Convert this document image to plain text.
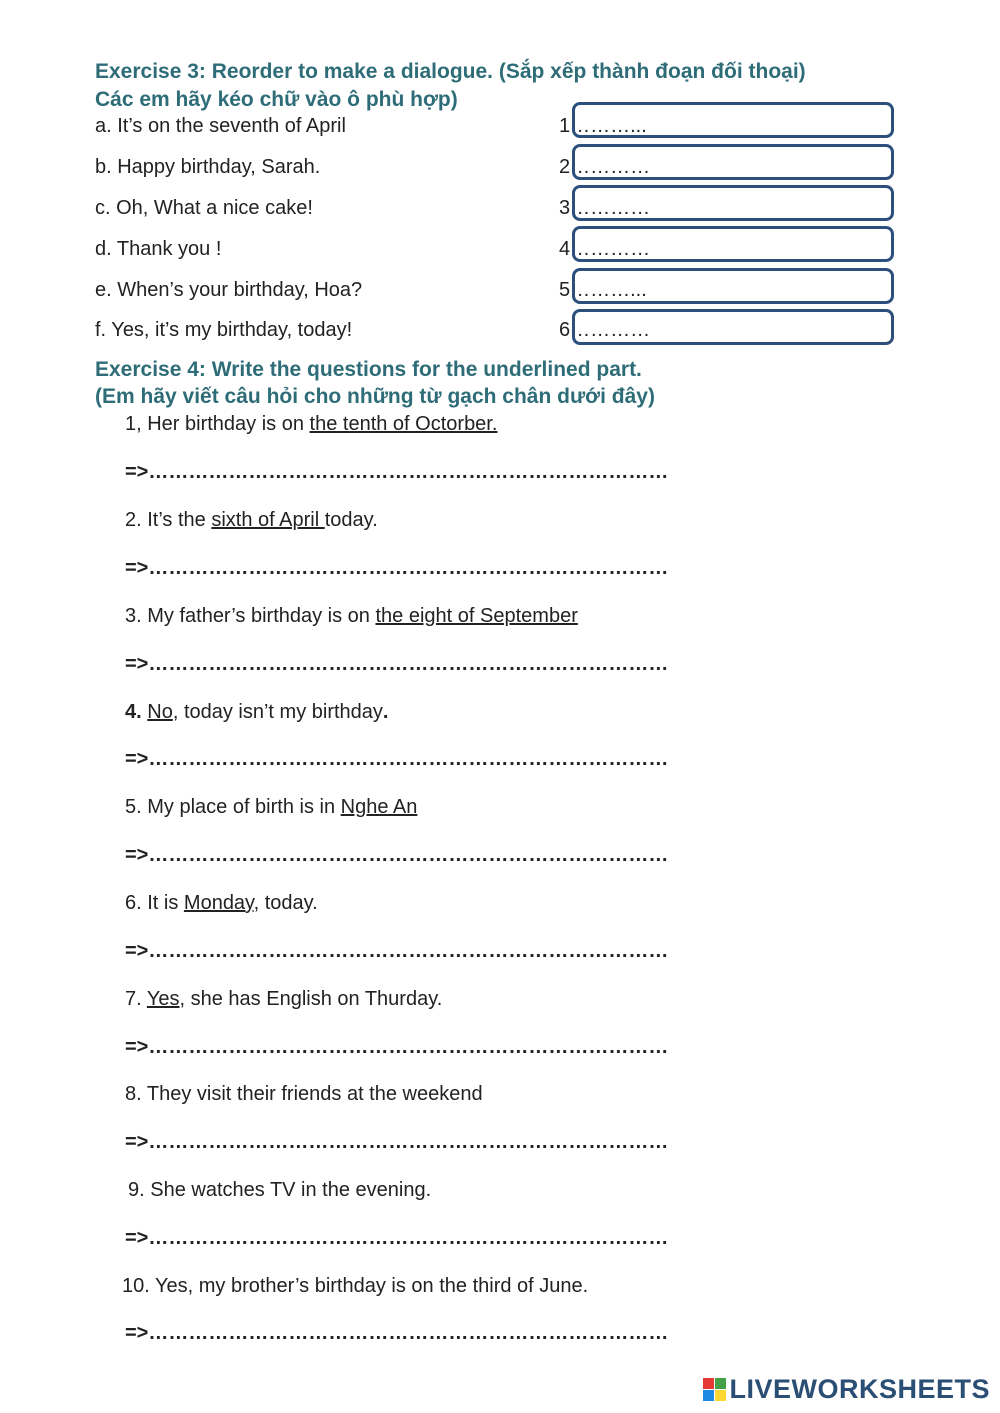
Exercise 3: Reorder to make a dialogue. (Sắp xếp thành đoạn đối thoại)
Các em hãy kéo chữ vào ô phù hợp)
a. It’s on the seventh of April
b. Happy birthday, Sarah.
c. Oh, What a nice cake!
d. Thank you !
e. When’s your birthday, Hoa?
f. Yes, it’s my birthday, today!
1………...
2…………
3…………
4…………
5………...
6…………
Exercise 4: Write the questions for the underlined part.
(Em hãy viết câu hỏi cho những từ gạch chân dưới đây)
1, Her birthday is on the tenth of Octorber.
=>……………………………………………………………………
2. It’s the sixth of April today.
=>……………………………………………………………………
3. My father’s birthday is on the eight of September
=>……………………………………………………………………
4. No, today isn’t my birthday.
=>……………………………………………………………………
5. My place of birth is in Nghe An
=>……………………………………………………………………
6. It is Monday, today.
=>……………………………………………………………………
7. Yes, she has English on Thurday.
=>……………………………………………………………………
8. They visit their friends at the weekend
=>……………………………………………………………………
9. She watches TV in the evening.
=>……………………………………………………………………
10. Yes, my brother’s birthday is on the third of June.
=>……………………………………………………………………
LIVEWORKSHEETS
